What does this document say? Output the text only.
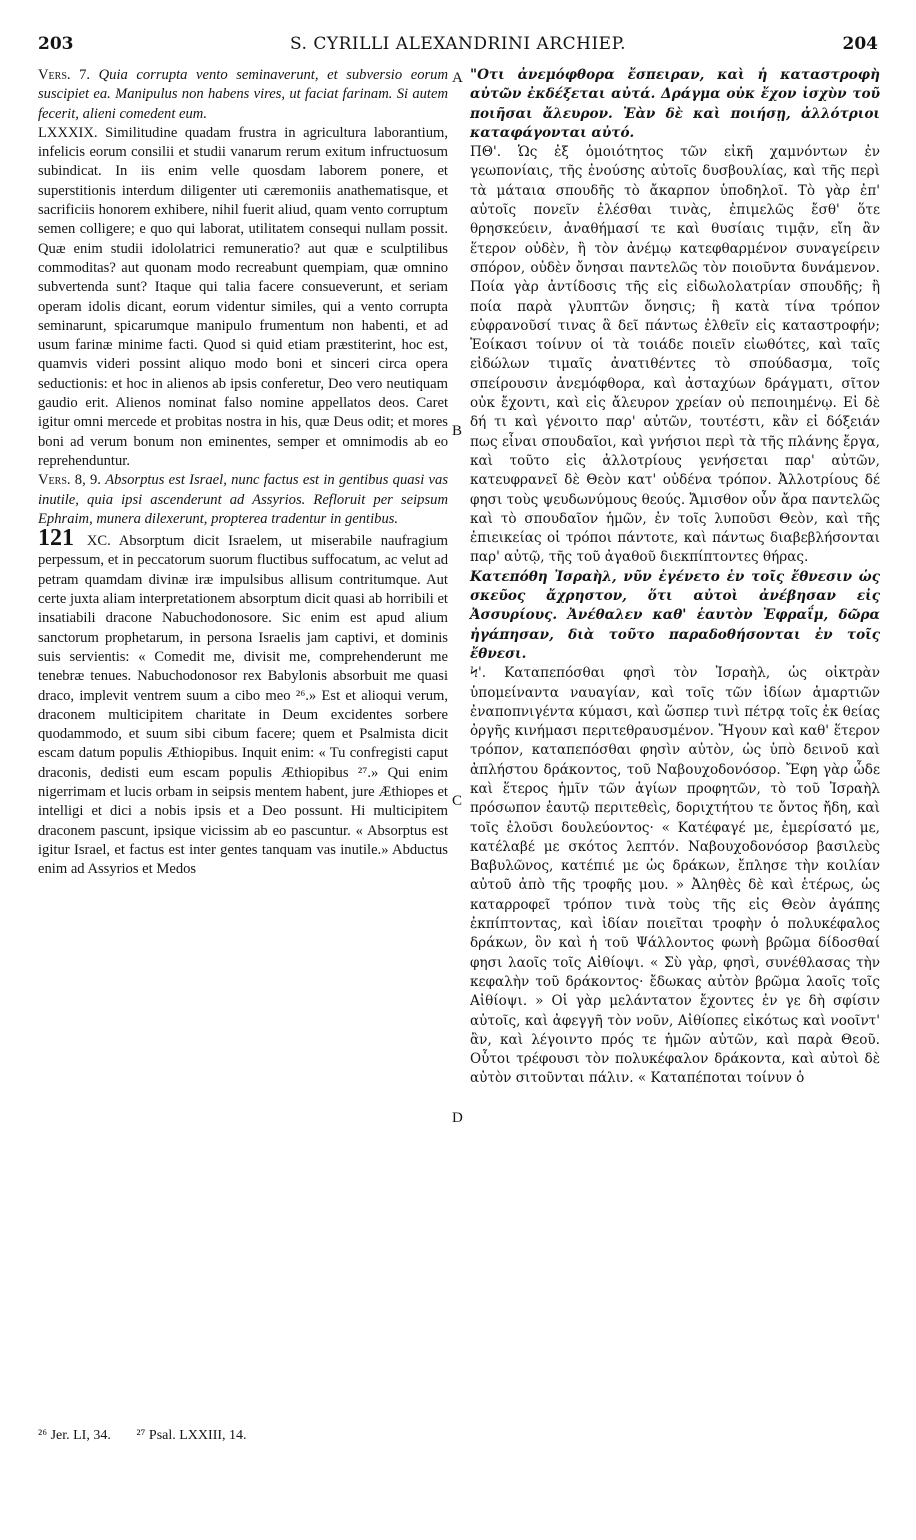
203	S. CYRILLI ALEXANDRINI ARCHIEP.	204

Vers. 7. Quia corrupta vento seminaverunt, et subversio eorum suscipiet ea. Manipulus non habens vires, ut faciat farinam. Si autem fecerit, alieni comedent eum.

LXXXIX. Similitudine quadam frustra in agricultura laborantium, infelicis eorum consilii et studii vanarum rerum exitum infructuosum subindicat. In iis enim velle quosdam laborem ponere, et superstitionis interdum diligenter uti cæremoniis anathematisque, et sacrificiis honorem exhibere, nihil fuerit aliud, quam vento corruptum semen colligere; e quo qui laborat, utilitatem consequi nullam possit. Quæ enim studii idololatrici remuneratio? aut quæ e sculptilibus commoditas? aut quonam modo recreabunt quempiam, quæ omnino subvertenda sunt? Itaque qui talia facere consueverunt, et seriam operam idolis dicant, eorum videntur similes, qui a vento corrupta seminarunt, spicarumque manipulo frumentum non habenti, et ad usum farinæ minime facti. Quod si quid etiam præstiterint, hoc est, quamvis videri possint aliquo modo boni et sinceri circa opera seductionis: et hoc in alienos ab ipsis conferetur, Deo vero neutiquam gaudio erit. Alienos nominat falso nomine appellatos deos. Caret igitur omni mercede et probitas nostra in his, quæ Deus odit; et mores boni ad verum bonum non eminentes, semper et omnimodis ab eo reprehenduntur.

Vers. 8, 9. Absorptus est Israel, nunc factus est in gentibus quasi vas inutile, quia ipsi ascenderunt ad Assyrios. Refloruit per seipsum Ephraim, munera dilexerunt, propterea tradentur in gentibus.

121 XC. Absorptum dicit Israelem, ut miserabile naufragium perpessum, et in peccatorum suorum fluctibus suffocatum, ac velut ad petram quamdam divinæ iræ impulsibus allisum contritumque. Aut certe juxta aliam interpretationem absorptum dicit quasi ab horribili et insatiabili dracone Nabuchodonosore. Sic enim est apud alium sanctorum prophetarum, in persona Israelis jam captivi, et dominis suis servientis: « Comedit me, divisit me, comprehenderunt me tenebræ tenues. Nabuchodonosor rex Babylonis absorbuit me quasi draco, implevit ventrem suum a cibo meo ²⁶.» Est et alioqui verum, draconem multicipitem charitate in Deum excidentes sorbere quodammodo, et suum sibi cibum facere; quem et Psalmista dicit escam datum populis Æthiopibus. Inquit enim: « Tu confregisti caput draconis, dedisti eum escam populis Æthiopibus ²⁷.» Qui enim nigerrimam et lucis orbam in seipsis mentem habent, jure Æthiopes et intelligi et dici a nobis ipsis et a Deo possunt. Hi multicipitem draconem pascunt, ipsique vicissim ab eo pascuntur. « Absorptus est igitur Israel, et factus est inter gentes tanquam vas inutile.» Abductus enim ad Assyrios et Medos

A
B
C
D

"Οτι ἀνεμόφθορα ἔσπειραν, καὶ ἡ καταστροφὴ αὐτῶν ἐκδέξεται αὐτά. Δράγμα οὐκ ἔχον ἰσχὺν τοῦ ποιῆσαι ἄλευρον. Ἐὰν δὲ καὶ ποιήσῃ, ἀλλότριοι καταφάγονται αὐτό.

ΠΘ'. Ὡς ἐξ ὁμοιότητος τῶν εἰκῆ χαμνόντων ἐν γεωπονίαις, τῆς ἐνούσης αὐτοῖς δυσβουλίας, καὶ τῆς περὶ τὰ μάταια σπουδῆς τὸ ἄκαρπον ὑποδηλοῖ. Τὸ γὰρ ἐπ' αὐτοῖς πονεῖν ἐλέσθαι τινὰς, ἐπιμελῶς ἔσθ' ὅτε θρησκεύειν, ἀναθήμασί τε καὶ θυσίαις τιμᾷν, εἴη ἂν ἕτερον οὐδὲν, ἢ τὸν ἀνέμῳ κατεφθαρμένον συναγείρειν σπόρον, οὐδὲν ὄνησαι παντελῶς τὸν ποιοῦντα δυνάμενον. Ποία γὰρ ἀντίδοσις τῆς εἰς εἰδωλολατρίαν σπουδῆς; ἢ ποία παρὰ γλυπτῶν ὄνησις; ἢ κατὰ τίνα τρόπον εὐφρανοῦσί τινας ἃ δεῖ πάντως ἐλθεῖν εἰς καταστροφήν; Ἐοίκασι τοίνυν οἱ τὰ τοιάδε ποιεῖν εἰωθότες, καὶ ταῖς εἰδώλων τιμαῖς ἀνατιθέντες τὸ σπούδασμα, τοῖς σπείρουσιν ἀνεμόφθορα, καὶ ἀσταχύων δράγματι, σῖτον οὐκ ἔχοντι, καὶ εἰς ἄλευρον χρείαν οὐ πεποιημένῳ. Εἰ δὲ δή τι καὶ γένοιτο παρ' αὐτῶν, τουτέστι, κἂν εἰ δόξειάν πως εἶναι σπουδαῖοι, καὶ γνήσιοι περὶ τὰ τῆς πλάνης ἔργα, καὶ τοῦτο εἰς ἀλλοτρίους γενήσεται παρ' αὐτῶν, κατευφρανεῖ δὲ Θεὸν κατ' οὐδένα τρόπον. Ἀλλοτρίους δέ φησι τοὺς ψευδωνύμους θεούς. Ἄμισθον οὖν ἄρα παντελῶς καὶ τὸ σπουδαῖον ἡμῶν, ἐν τοῖς λυποῦσι Θεὸν, καὶ τῆς ἐπιεικείας οἱ τρόποι πάντοτε, καὶ πάντως διαβεβλήσονται παρ' αὐτῷ, τῆς τοῦ ἀγαθοῦ διεκπίπτοντες θήρας.

Κατεπόθη Ἰσραὴλ, νῦν ἐγένετο ἐν τοῖς ἔθνεσιν ὡς σκεῦος ἄχρηστον, ὅτι αὐτοὶ ἀνέβησαν εἰς Ἀσσυρίους. Ἀνέθαλεν καθ' ἑαυτὸν Ἐφραΐμ, δῶρα ἠγάπησαν, διὰ τοῦτο παραδοθήσονται ἐν τοῖς ἔθνεσι.

Ϟ'. Καταπεπόσθαι φησὶ τὸν Ἰσραὴλ, ὡς οἰκτρὰν ὑπομείναντα ναυαγίαν, καὶ τοῖς τῶν ἰδίων ἁμαρτιῶν ἐναποπνιγέντα κύμασι, καὶ ὥσπερ τινὶ πέτρᾳ τοῖς ἐκ θείας ὀργῆς κινήμασι περιτεθραυσμένον. Ἤγουν καὶ καθ' ἕτερον τρόπον, καταπεπόσθαι φησὶν αὐτὸν, ὡς ὑπὸ δεινοῦ καὶ ἀπλήστου δράκοντος, τοῦ Ναβουχοδονόσορ. Ἔφη γὰρ ὧδε καὶ ἕτερος ἡμῖν τῶν ἁγίων προφητῶν, τὸ τοῦ Ἰσραὴλ πρόσωπον ἑαυτῷ περιτεθεὶς, δοριχτήτου τε ὄντος ἤδη, καὶ τοῖς ἐλοῦσι δουλεύοντος· « Κατέφαγέ με, ἐμερίσατό με, κατέλαβέ με σκότος λεπτόν. Ναβουχοδονόσορ βασιλεὺς Βαβυλῶνος, κατέπιέ με ὡς δράκων, ἔπλησε τὴν κοιλίαν αὐτοῦ ἀπὸ τῆς τροφῆς μου. » Ἀληθὲς δὲ καὶ ἑτέρως, ὡς καταρροφεῖ τρόπον τινὰ τοὺς τῆς εἰς Θεὸν ἀγάπης ἐκπίπτοντας, καὶ ἰδίαν ποιεῖται τροφὴν ὁ πολυκέφαλος δράκων, ὃν καὶ ἡ τοῦ Ψάλλοντος φωνὴ βρῶμα δίδοσθαί φησι λαοῖς τοῖς Αἰθίοψι. « Σὺ γὰρ, φησὶ, συνέθλασας τὴν κεφαλὴν τοῦ δράκοντος· ἔδωκας αὐτὸν βρῶμα λαοῖς τοῖς Αἰθίοψι. » Οἱ γὰρ μελάντατον ἔχοντες ἐν γε δὴ σφίσιν αὐτοῖς, καὶ ἀφεγγῆ τὸν νοῦν, Αἰθίοπες εἰκότως καὶ νοοῖντ' ἂν, καὶ λέγοιντο πρός τε ἡμῶν αὐτῶν, καὶ παρὰ Θεοῦ. Οὗτοι τρέφουσι τὸν πολυκέφαλον δράκοντα, καὶ αὐτοὶ δὲ αὐτὸν σιτοῦνται πάλιν. « Καταπέποται τοίνυν ὁ

²⁶ Jer. LI, 34. ²⁷ Psal. LXXIII, 14.
